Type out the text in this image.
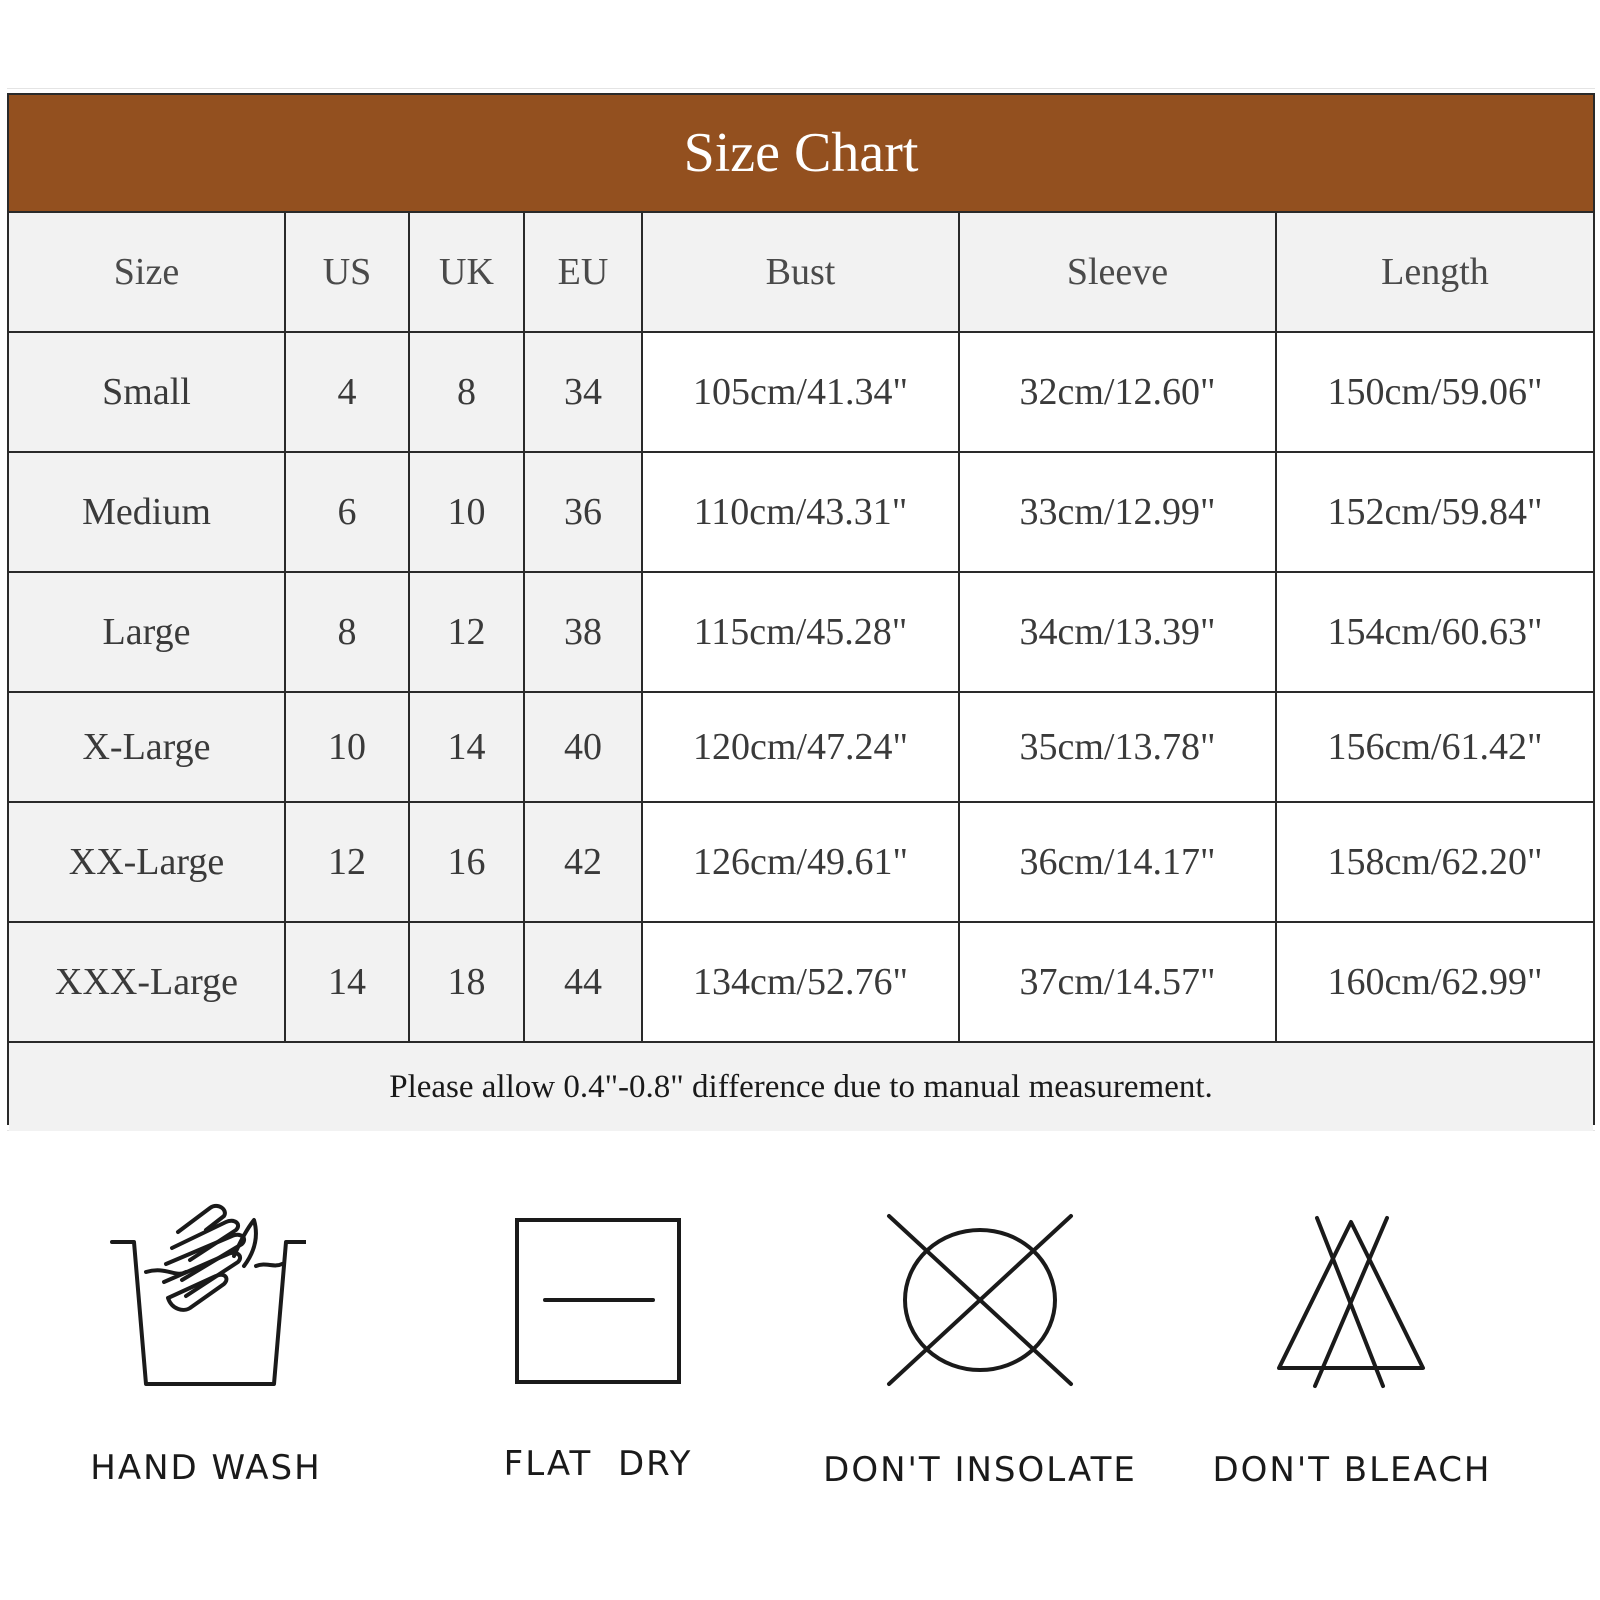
Size Chart
Size	US	UK	EU	Bust	Sleeve	Length
Small	4	8	34	105cm/41.34"	32cm/12.60"	150cm/59.06"
Medium	6	10	36	110cm/43.31"	33cm/12.99"	152cm/59.84"
Large	8	12	38	115cm/45.28"	34cm/13.39"	154cm/60.63"
X-Large	10	14	40	120cm/47.24"	35cm/13.78"	156cm/61.42"
XX-Large	12	16	42	126cm/49.61"	36cm/14.17"	158cm/62.20"
XXX-Large	14	18	44	134cm/52.76"	37cm/14.57"	160cm/62.99"
Please allow 0.4"-0.8" difference due to manual measurement.
HAND WASH	FLAT  DRY	DON'T INSOLATE	DON'T BLEACH
